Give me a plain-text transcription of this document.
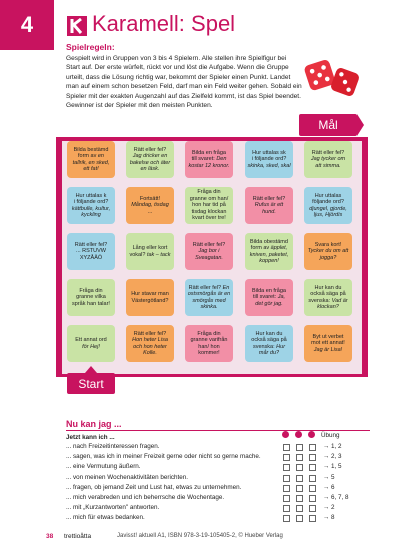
4	Karamell: Spel
Spielregeln:
Gespielt wird in Gruppen von 3 bis 4 Spielern. Alle stellen ihre Spielfigur bei Start auf. Der erste würfelt, rückt vor und löst die Aufgabe. Wenn die Gruppe urteilt, dass die Lösung richtig war, bekommt der Spieler einen Punkt. Landet man auf einem schon besetzen Feld, darf man ein Feld weiter gehen. Sobald ein Spieler mit der exakten Augenzahl auf das Zielfeld kommt, ist das Spiel beendet. Gewinner ist der Spieler mit den meisten Punkten.
Mål
Bilda bestämd
form av en
tallrik, en sked,
ett fat!
Rätt eller fel?
Jag dricker en
bakelse och äter
en läsk.
Bilda en fråga
till svaret: Den
kostar 12 kronor.
Hur uttalas sk
i följande ord?
skinka, sked, skal
Rätt eller fel?
Jag tycker om
att simma.
Hur uttalas k
i följande ord?
kättbulle, kultur,
kyckling
Fortsätt!
Måndag, tisdag
...
Fråga din
granne om han/
hon har tid på
tisdag klockan
kvart över tre!
Rätt eller fel?
Rufus är ett
hund.
Hur uttalas
följande ord?
djungel, gjorde,
ljus, Hjördis
Rätt eller fel?
... RSTUVW
XYZÅÄÖ
Lång eller kort
vokal? tak – tack
Rätt eller fel?
Jag bor i
Sveagatan.
Bilda obestämd
form av äpplet,
kniven, paketet,
koppen!
Svara kort!
Tycker du om att
jogga?
Fråga din
granne vilka
språk han talar!
Hur stavar man
Västergötland?
Rätt eller fel? En
ostsmörgås är en
smörgås med
skinka.
Bilda en fråga
till svaret: Ja,
det gör jag.
Hur kan du
också säga på
svenska: Vad är
klockan?
Ett annat ord
för Hej!
Rätt eller fel?
Hon heter Lisa
och hon heter
Kolle.
Fråga din
granne varifrån
han/ hon
kommer!
Hur kan du
också säga på
svenska: Hur
mår du?
Byt ut verbet
mot ett annat!
Jag är Lisa!
Start
Nu kan jag ...
Jetzt kann ich ...	Übung
... nach Freizeitinteressen fragen.	→ 1, 2
... sagen, was ich in meiner Freizeit gerne oder nicht so gerne mache.	→ 2, 3
... eine Vermutung äußern.	→ 1, 5
... von meinen Wochenaktivitäten berichten.	→ 5
... fragen, ob jemand Zeit und Lust hat, etwas zu unternehmen.	→ 6
... mich verabreden und ich beherrsche die Wochentage.	→ 6, 7, 8
... mit „Kurzantworten" antworten.	→ 2
... mich für etwas bedanken.	→ 8
38 trettioåtta	Javisst! aktuell A1, ISBN 978-3-19-105405-2, © Hueber Verlag
